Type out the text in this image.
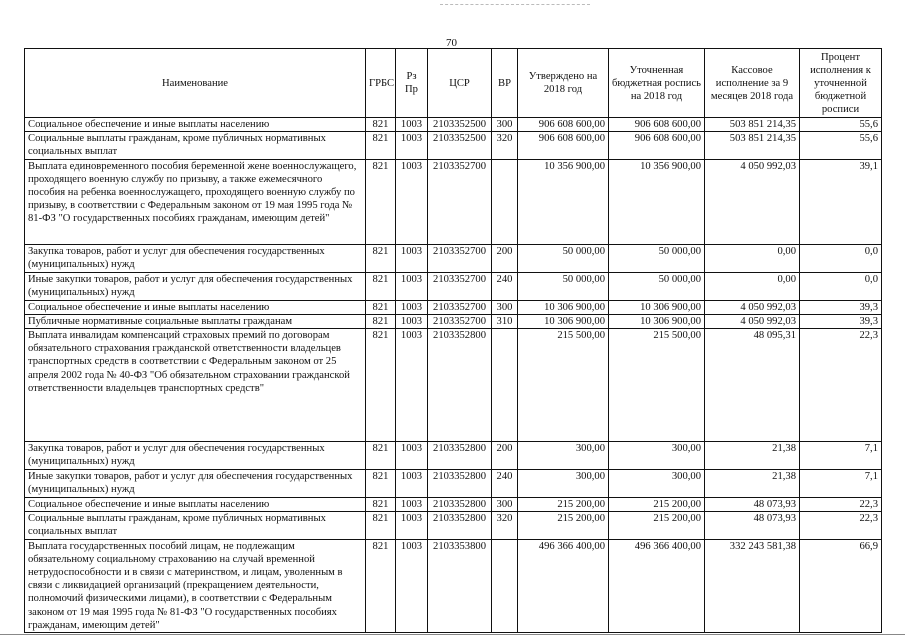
70
Наименование	ГРБС	Рз Пр	ЦСР	ВР	Утверждено на 2018 год	Уточненная бюджетная роспись на 2018 год	Кассовое исполнение за 9 месяцев 2018 года	Процент исполнения к уточненной бюджетной росписи
Социальное обеспечение и иные выплаты населению	821	1003	2103352500	300	906 608 600,00	906 608 600,00	503 851 214,35	55,6
Социальные выплаты гражданам, кроме публичных нормативных социальных выплат	821	1003	2103352500	320	906 608 600,00	906 608 600,00	503 851 214,35	55,6
Выплата единовременного пособия беременной жене военнослужащего, проходящего военную службу по призыву, а также ежемесячного пособия на ребенка военнослужащего, проходящего военную службу по призыву, в соответствии с Федеральным законом от 19 мая 1995 года № 81-ФЗ "О государственных пособиях гражданам, имеющим детей"	821	1003	2103352700		10 356 900,00	10 356 900,00	4 050 992,03	39,1
Закупка товаров, работ и услуг для обеспечения государственных (муниципальных) нужд	821	1003	2103352700	200	50 000,00	50 000,00	0,00	0,0
Иные закупки товаров, работ и услуг для обеспечения государственных (муниципальных) нужд	821	1003	2103352700	240	50 000,00	50 000,00	0,00	0,0
Социальное обеспечение и иные выплаты населению	821	1003	2103352700	300	10 306 900,00	10 306 900,00	4 050 992,03	39,3
Публичные нормативные социальные выплаты гражданам	821	1003	2103352700	310	10 306 900,00	10 306 900,00	4 050 992,03	39,3
Выплата инвалидам компенсаций страховых премий по договорам обязательного страхования гражданской ответственности владельцев транспортных средств в соответствии с Федеральным законом от 25 апреля 2002 года № 40-ФЗ "Об обязательном страховании гражданской ответственности владельцев транспортных средств"	821	1003	2103352800		215 500,00	215 500,00	48 095,31	22,3
Закупка товаров, работ и услуг для обеспечения государственных (муниципальных) нужд	821	1003	2103352800	200	300,00	300,00	21,38	7,1
Иные закупки товаров, работ и услуг для обеспечения государственных (муниципальных) нужд	821	1003	2103352800	240	300,00	300,00	21,38	7,1
Социальное обеспечение и иные выплаты населению	821	1003	2103352800	300	215 200,00	215 200,00	48 073,93	22,3
Социальные выплаты гражданам, кроме публичных нормативных социальных выплат	821	1003	2103352800	320	215 200,00	215 200,00	48 073,93	22,3
Выплата государственных пособий лицам, не подлежащим обязательному социальному страхованию на случай временной нетрудоспособности и в связи с материнством, и лицам, уволенным в связи с ликвидацией организаций (прекращением деятельности, полномочий физическими лицами), в соответствии с Федеральным законом от 19 мая 1995 года № 81-ФЗ "О государственных пособиях гражданам, имеющим детей"	821	1003	2103353800		496 366 400,00	496 366 400,00	332 243 581,38	66,9
